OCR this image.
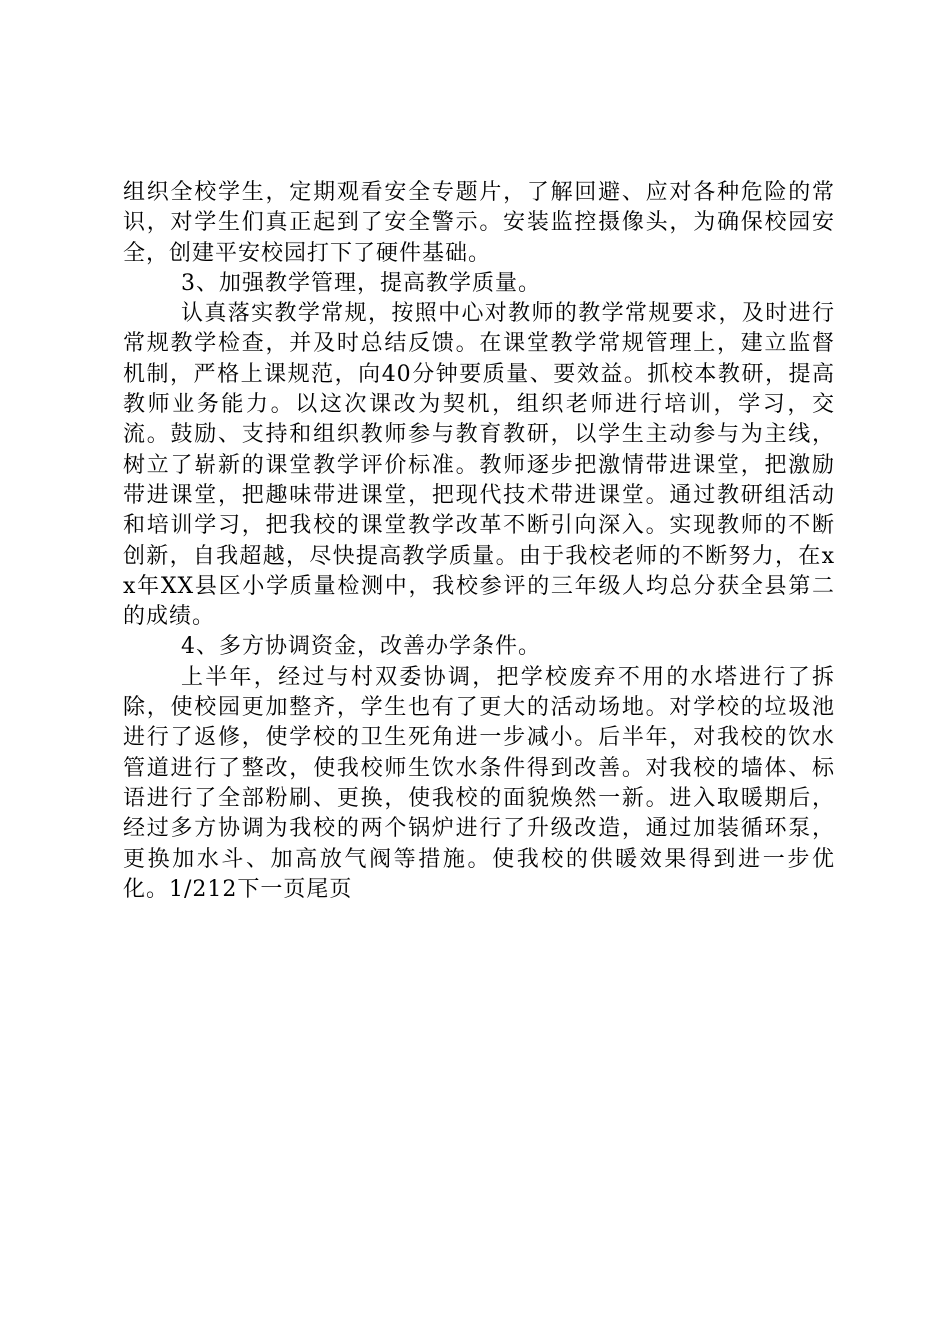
组织全校学生，定期观看安全专题片，了解回避、应对各种危险的常识，对学生们真正起到了安全警示。安装监控摄像头，为确保校园安全，创建平安校园打下了硬件基础。

3、加强教学管理，提高教学质量。

认真落实教学常规，按照中心对教师的教学常规要求，及时进行常规教学检查，并及时总结反馈。在课堂教学常规管理上，建立监督机制，严格上课规范，向40分钟要质量、要效益。抓校本教研，提高教师业务能力。以这次课改为契机，组织老师进行培训，学习，交流。鼓励、支持和组织教师参与教育教研，以学生主动参与为主线，树立了崭新的课堂教学评价标准。教师逐步把激情带进课堂，把激励带进课堂，把趣味带进课堂，把现代技术带进课堂。通过教研组活动和培训学习，把我校的课堂教学改革不断引向深入。实现教师的不断创新，自我超越，尽快提高教学质量。由于我校老师的不断努力，在xx年XX县区小学质量检测中，我校参评的三年级人均总分获全县第二的成绩。

4、多方协调资金，改善办学条件。

上半年，经过与村双委协调，把学校废弃不用的水塔进行了拆除，使校园更加整齐，学生也有了更大的活动场地。对学校的垃圾池进行了返修，使学校的卫生死角进一步减小。后半年，对我校的饮水管道进行了整改，使我校师生饮水条件得到改善。对我校的墙体、标语进行了全部粉刷、更换，使我校的面貌焕然一新。进入取暖期后，经过多方协调为我校的两个锅炉进行了升级改造，通过加装循环泵，更换加水斗、加高放气阀等措施。使我校的供暖效果得到进一步优化。1/212下一页尾页
